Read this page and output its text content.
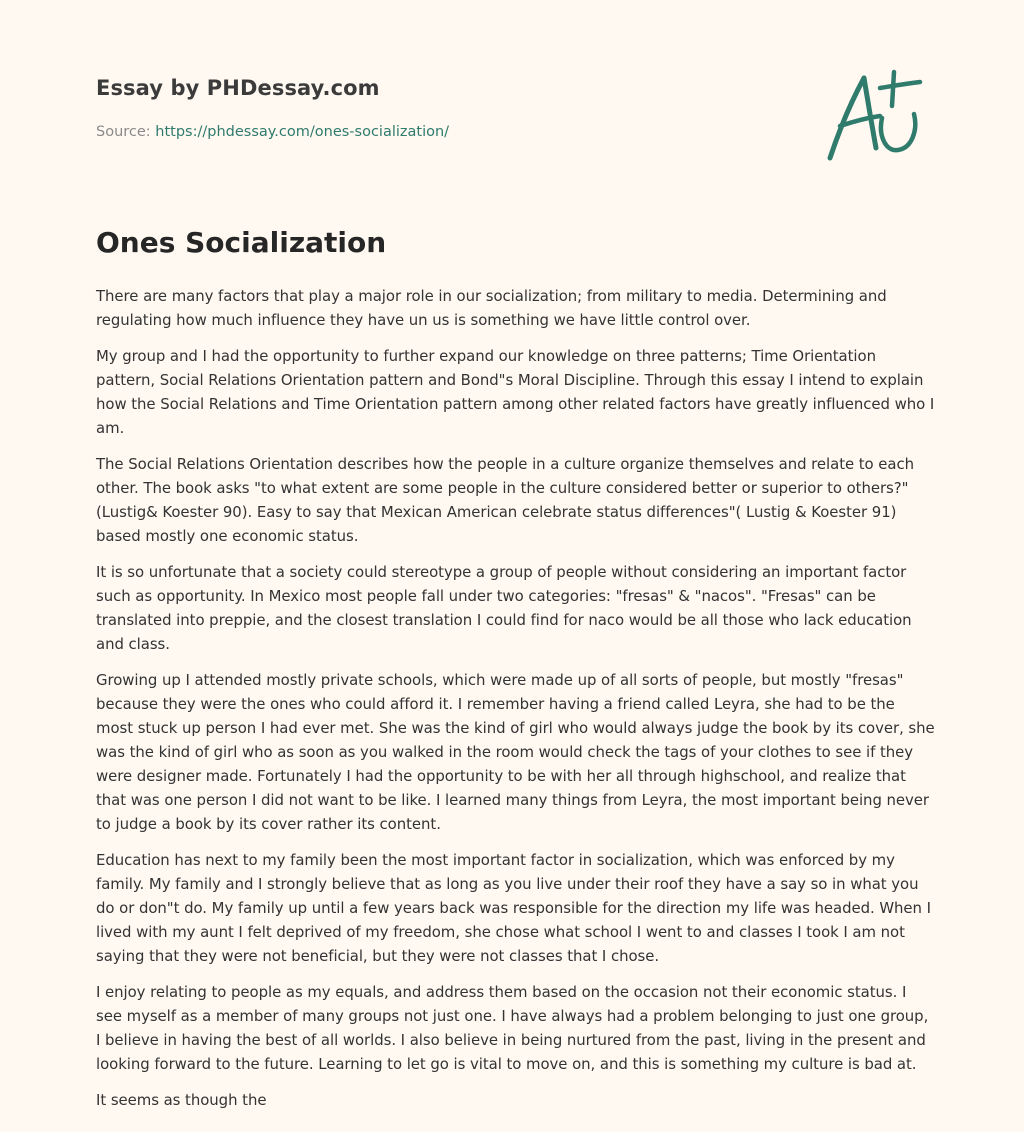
Essay by PHDessay.com

Source: https://phdessay.com/ones-socialization/

Ones Socialization

There are many factors that play a major role in our socialization; from military to media. Determining and regulating how much influence they have un us is something we have little control over.

My group and I had the opportunity to further expand our knowledge on three patterns; Time Orientation pattern, Social Relations Orientation pattern and Bond"s Moral Discipline. Through this essay I intend to explain how the Social Relations and Time Orientation pattern among other related factors have greatly influenced who I am.

The Social Relations Orientation describes how the people in a culture organize themselves and relate to each other. The book asks "to what extent are some people in the culture considered better or superior to others?" (Lustig& Koester 90). Easy to say that Mexican American celebrate status differences"( Lustig & Koester 91) based mostly one economic status.

It is so unfortunate that a society could stereotype a group of people without considering an important factor such as opportunity. In Mexico most people fall under two categories: "fresas" & "nacos". "Fresas" can be translated into preppie, and the closest translation I could find for naco would be all those who lack education and class.

Growing up I attended mostly private schools, which were made up of all sorts of people, but mostly "fresas" because they were the ones who could afford it. I remember having a friend called Leyra, she had to be the most stuck up person I had ever met. She was the kind of girl who would always judge the book by its cover, she was the kind of girl who as soon as you walked in the room would check the tags of your clothes to see if they were designer made. Fortunately I had the opportunity to be with her all through highschool, and realize that that was one person I did not want to be like. I learned many things from Leyra, the most important being never to judge a book by its cover rather its content.

Education has next to my family been the most important factor in socialization, which was enforced by my family. My family and I strongly believe that as long as you live under their roof they have a say so in what you do or don"t do. My family up until a few years back was responsible for the direction my life was headed. When I lived with my aunt I felt deprived of my freedom, she chose what school I went to and classes I took I am not saying that they were not beneficial, but they were not classes that I chose.

I enjoy relating to people as my equals, and address them based on the occasion not their economic status. I see myself as a member of many groups not just one. I have always had a problem belonging to just one group, I believe in having the best of all worlds. I also believe in being nurtured from the past, living in the present and looking forward to the future. Learning to let go is vital to move on, and this is something my culture is bad at.

It seems as though the
